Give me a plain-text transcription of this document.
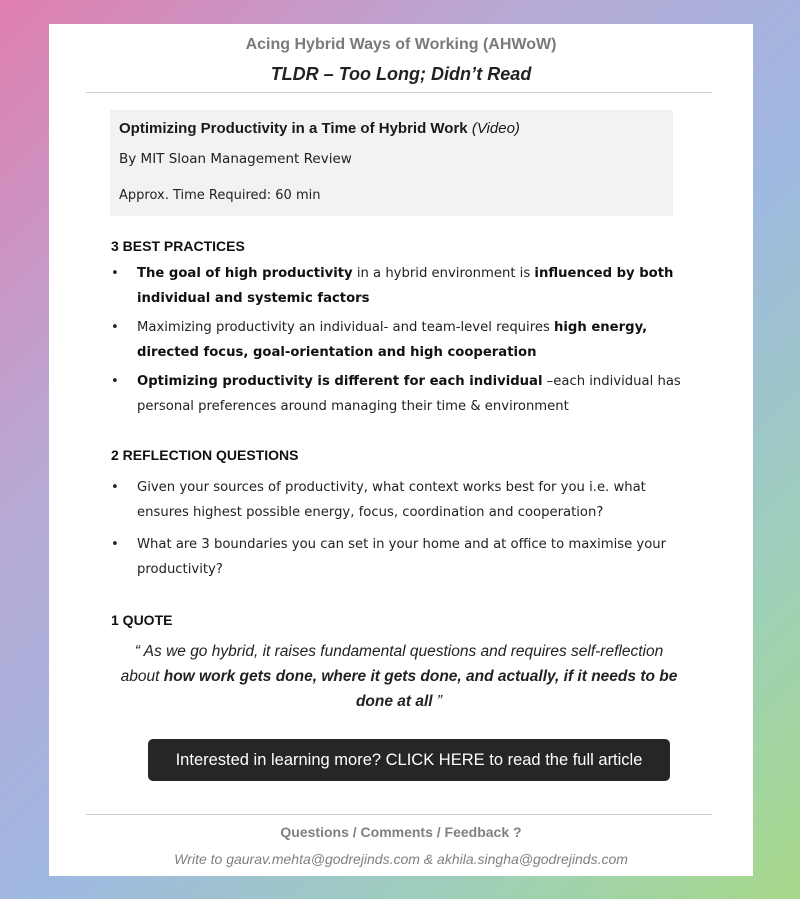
Acing Hybrid Ways of Working (AHWoW)
TLDR – Too Long; Didn’t Read
Optimizing Productivity in a Time of Hybrid Work (Video)
By MIT Sloan Management Review
Approx. Time Required: 60 min
3 BEST PRACTICES
• The goal of high productivity in a hybrid environment is influenced by both individual and systemic factors
• Maximizing productivity an individual- and team-level requires high energy, directed focus, goal-orientation and high cooperation
• Optimizing productivity is different for each individual –each individual has personal preferences around managing their time & environment
2 REFLECTION QUESTIONS
• Given your sources of productivity, what context works best for you i.e. what ensures highest possible energy, focus, coordination and cooperation?
• What are 3 boundaries you can set in your home and at office to maximise your productivity?
1 QUOTE
“ As we go hybrid, it raises fundamental questions and requires self-reflection about how work gets done, where it gets done, and actually, if it needs to be done at all ”
Interested in learning more? CLICK HERE to read the full article
Questions / Comments / Feedback ?
Write to gaurav.mehta@godrejinds.com & akhila.singha@godrejinds.com
